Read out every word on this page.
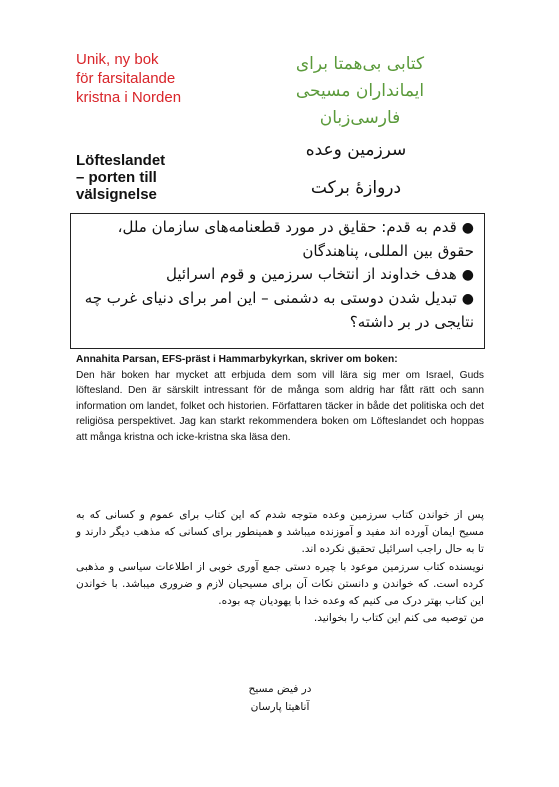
Unik, ny bok
för farsitalande
kristna i Norden
کتابی بی‌همتا برای
ایمانداران مسیحی
فارسی‌زبان
سرزمین وعده
دروازهٔ برکت
Löfteslandet
– porten till
välsignelse
●قدم به قدم: حقایق در مورد قطعنامه‌های سازمان ملل، حقوق بین المللی، پناهندگان
●هدف خداوند از انتخاب سرزمین و قوم اسرائیل
●تبدیل شدن دوستی به دشمنی – این امر برای دنیای غرب چه نتایجی در بر داشته؟
Annahita Parsan, EFS-präst i Hammarbykyrkan, skriver om boken:
Den här boken har mycket att erbjuda dem som vill lära sig mer om Israel, Guds löftesland. Den är särskilt intressant för de många som aldrig har fått rätt och sann information om landet, folket och historien. Författaren täcker in både det politiska och det religiösa perspektivet. Jag kan starkt rekommendera boken om Löfteslandet och hoppas att många kristna och icke-kristna ska läsa den.

پس از خواندن کتاب سرزمین وعده متوجه شدم که این کتاب برای عموم و کسانی که به مسیح ایمان آورده اند مفید و آموزنده میباشد و همینطور برای کسانی که مذهب دیگر دارند و تا به حال راجب اسرائیل تحقیق نکرده اند.

نویسنده کتاب سرزمین موعود با چیره دستی جمع آوری خوبی از اطلاعات سیاسی و مذهبی کرده است. که خواندن و دانستن نکات آن برای مسیحیان لازم و ضروری میباشد. با خواندن این کتاب بهتر درک می کنیم که وعده خدا با یهودیان چه بوده.

من توصیه می کنم این کتاب را بخوانید.

در فیض مسیح
آناهیتا پارسان
